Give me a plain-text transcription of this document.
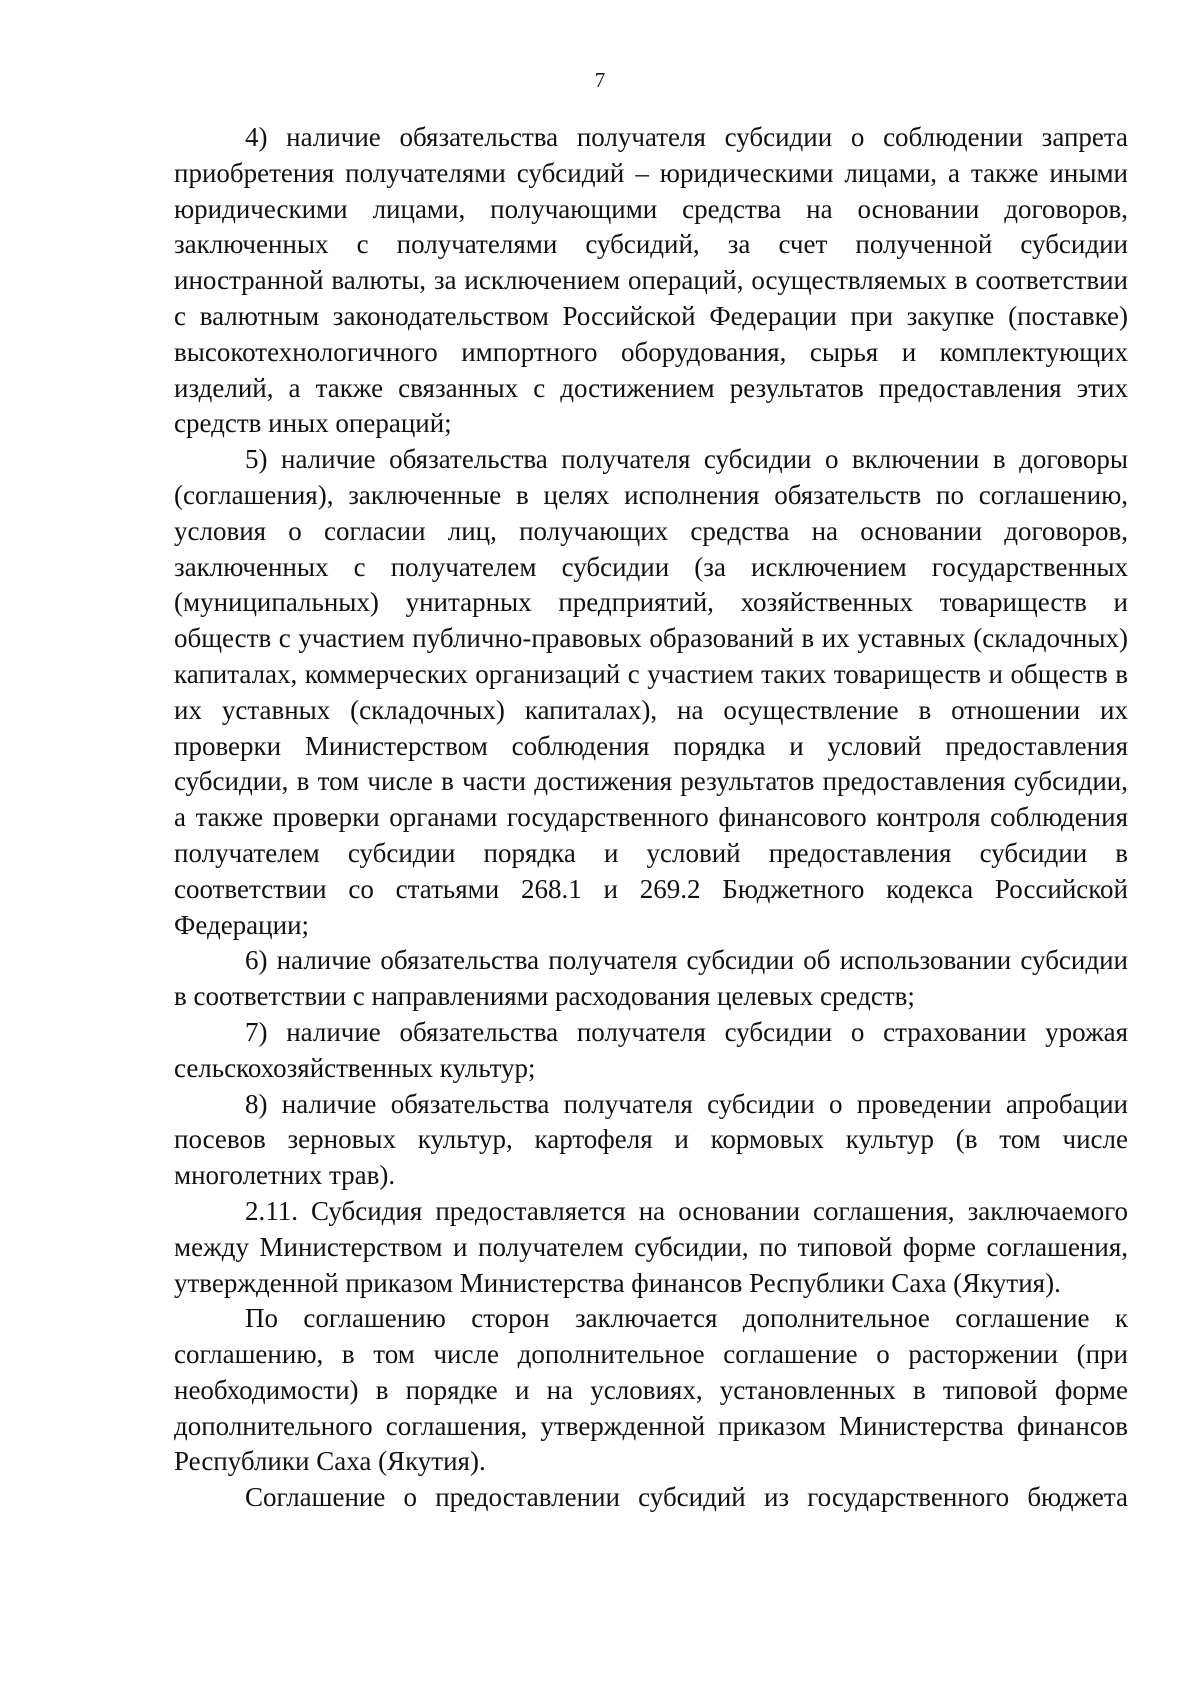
7

4) наличие обязательства получателя субсидии о соблюдении запрета приобретения получателями субсидий – юридическими лицами, а также иными юридическими лицами, получающими средства на основании договоров, заключенных с получателями субсидий, за счет полученной субсидии иностранной валюты, за исключением операций, осуществляемых в соответствии с валютным законодательством Российской Федерации при закупке (поставке) высокотехнологичного импортного оборудования, сырья и комплектующих изделий, а также связанных с достижением результатов предоставления этих средств иных операций;

5) наличие обязательства получателя субсидии о включении в договоры (соглашения), заключенные в целях исполнения обязательств по соглашению, условия о согласии лиц, получающих средства на основании договоров, заключенных с получателем субсидии (за исключением государственных (муниципальных) унитарных предприятий, хозяйственных товариществ и обществ с участием публично-правовых образований в их уставных (складочных) капиталах, коммерческих организаций с участием таких товариществ и обществ в их уставных (складочных) капиталах), на осуществление в отношении их проверки Министерством соблюдения порядка и условий предоставления субсидии, в том числе в части достижения результатов предоставления субсидии, а также проверки органами государственного финансового контроля соблюдения получателем субсидии порядка и условий предоставления субсидии в соответствии со статьями 268.1 и 269.2 Бюджетного кодекса Российской Федерации;

6) наличие обязательства получателя субсидии об использовании субсидии в соответствии с направлениями расходования целевых средств;

7) наличие обязательства получателя субсидии о страховании урожая сельскохозяйственных культур;

8) наличие обязательства получателя субсидии о проведении апробации посевов зерновых культур, картофеля и кормовых культур (в том числе многолетних трав).

2.11. Субсидия предоставляется на основании соглашения, заключаемого между Министерством и получателем субсидии, по типовой форме соглашения, утвержденной приказом Министерства финансов Республики Саха (Якутия).

По соглашению сторон заключается дополнительное соглашение к соглашению, в том числе дополнительное соглашение о расторжении (при необходимости) в порядке и на условиях, установленных в типовой форме дополнительного соглашения, утвержденной приказом Министерства финансов Республики Саха (Якутия).

Соглашение о предоставлении субсидий из государственного бюджета
